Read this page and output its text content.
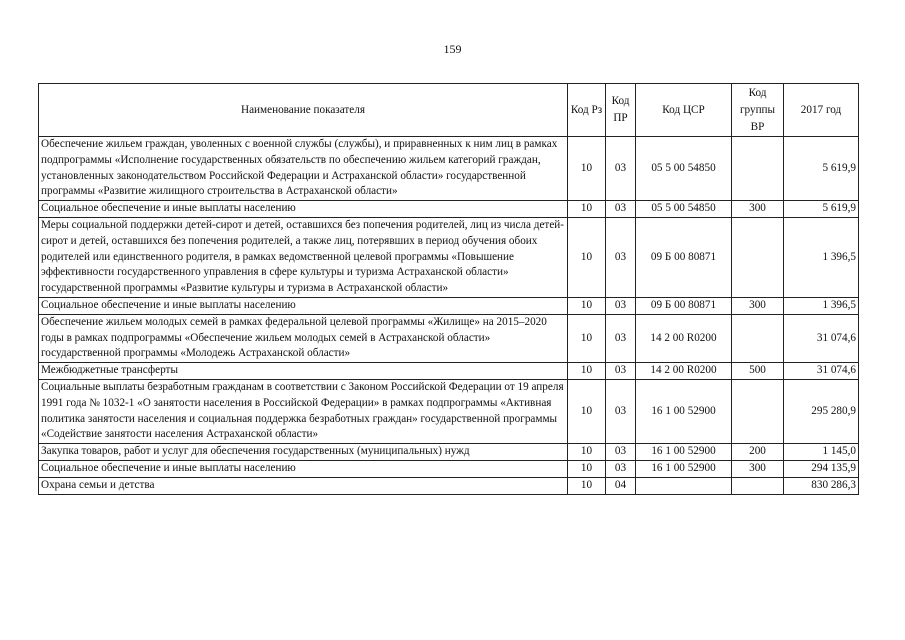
159
Наименование показателя	Код Рз	Код ПР	Код ЦСР	Код группы ВР	2017 год
Обеспечение жильем граждан, уволенных с военной службы (службы), и приравненных к ним лиц в рамках подпрограммы «Исполнение государственных обязательств по обеспечению жильем категорий граждан, установленных законодательством Российской Федерации и Астраханской области» государственной программы «Развитие жилищного строительства в Астраханской области»	10	03	05 5 00 54850		5 619,9
Социальное обеспечение и иные выплаты населению	10	03	05 5 00 54850	300	5 619,9
Меры социальной поддержки детей-сирот и детей, оставшихся без попечения родителей, лиц из числа детей-сирот и детей, оставшихся без попечения родителей, а также лиц, потерявших в период обучения обоих родителей или единственного родителя, в рамках ведомственной целевой программы «Повышение эффективности государственного управления в сфере культуры и туризма Астраханской области» государственной программы «Развитие культуры и туризма в Астраханской области»	10	03	09 Б 00 80871		1 396,5
Социальное обеспечение и иные выплаты населению	10	03	09 Б 00 80871	300	1 396,5
Обеспечение жильем молодых семей в рамках федеральной целевой программы «Жилище» на 2015–2020 годы в рамках подпрограммы «Обеспечение жильем молодых семей в Астраханской области» государственной программы «Молодежь Астраханской области»	10	03	14 2 00 R0200		31 074,6
Межбюджетные трансферты	10	03	14 2 00 R0200	500	31 074,6
Социальные выплаты безработным гражданам в соответствии с Законом Российской Федерации от 19 апреля 1991 года № 1032-1 «О занятости населения в Российской Федерации» в рамках подпрограммы «Активная политика занятости населения и социальная поддержка безработных граждан» государственной программы «Содействие занятости населения Астраханской области»	10	03	16 1 00 52900		295 280,9
Закупка товаров, работ и услуг для обеспечения государственных (муниципальных) нужд	10	03	16 1 00 52900	200	1 145,0
Социальное обеспечение и иные выплаты населению	10	03	16 1 00 52900	300	294 135,9
Охрана семьи и детства	10	04			830 286,3
